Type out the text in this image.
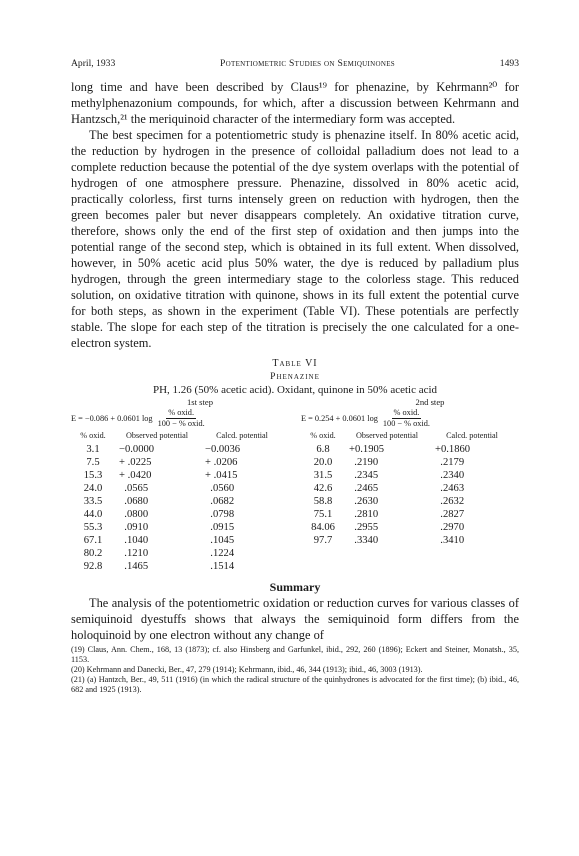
April, 1933	Potentiometric Studies on Semiquinones	1493

long time and have been described by Claus¹⁹ for phenazine, by Kehrmann²⁰ for methylphenazonium compounds, for which, after a discussion between Kehrmann and Hantzsch,²¹ the meriquinoid character of the intermediary form was accepted.

The best specimen for a potentiometric study is phenazine itself. In 80% acetic acid, the reduction by hydrogen in the presence of colloidal palladium does not lead to a complete reduction because the potential of the dye system overlaps with the potential of hydrogen of one atmosphere pressure. Phenazine, dissolved in 80% acetic acid, practically colorless, first turns intensely green on reduction with hydrogen, then the green becomes paler but never disappears completely. An oxidative titration curve, therefore, shows only the end of the first step of oxidation and then jumps into the potential range of the second step, which is obtained in its full extent. When dissolved, however, in 50% acetic acid plus 50% water, the dye is reduced by palladium plus hydrogen, through the green intermediary stage to the colorless stage. This reduced solution, on oxidative titration with quinone, shows in its full extent the potential curve for both steps, as shown in the experiment (Table VI). These potentials are perfectly stable. The slope for each step of the titration is precisely the one calculated for a one-electron system.

Table VI
Phenazine
PH, 1.26 (50% acetic acid). Oxidant, quinone in 50% acetic acid
1st step
E = −0.086 + 0.0601 $\log \frac{\text{\% oxid.}}{\text{100 − \% oxid.}}$
% oxid.	Observed potential	Calcd. potential
3.1	−0.0000	−0.0036
7.5	+ .0225	+ .0206
15.3	+ .0420	+ .0415
24.0	.0565	.0560
33.5	.0680	.0682
44.0	.0800	.0798
55.3	.0910	.0915
67.1	.1040	.1045
80.2	.1210	.1224
92.8	.1465	.1514
2nd step
E = 0.254 + 0.0601 $\log \frac{\text{\% oxid.}}{\text{100 − \% oxid.}}$
% oxid.	Observed potential	Calcd. potential
6.8	+0.1905	+0.1860
20.0	.2190	.2179
31.5	.2345	.2340
42.6	.2465	.2463
58.8	.2630	.2632
75.1	.2810	.2827
84.06	.2955	.2970
97.7	.3340	.3410
Summary

The analysis of the potentiometric oxidation or reduction curves for various classes of semiquinoid dyestuffs shows that always the semiquinoid form differs from the holoquinoid by one electron without any change of

(19) Claus, Ann. Chem., 168, 13 (1873); cf. also Hinsberg and Garfunkel, ibid., 292, 260 (1896); Eckert and Steiner, Monatsh., 35, 1153.

(20) Kehrmann and Danecki, Ber., 47, 279 (1914); Kehrmann, ibid., 46, 344 (1913); ibid., 46, 3003 (1913).

(21) (a) Hantzch, Ber., 49, 511 (1916) (in which the radical structure of the quinhydrones is advocated for the first time); (b) ibid., 46, 682 and 1925 (1913).
